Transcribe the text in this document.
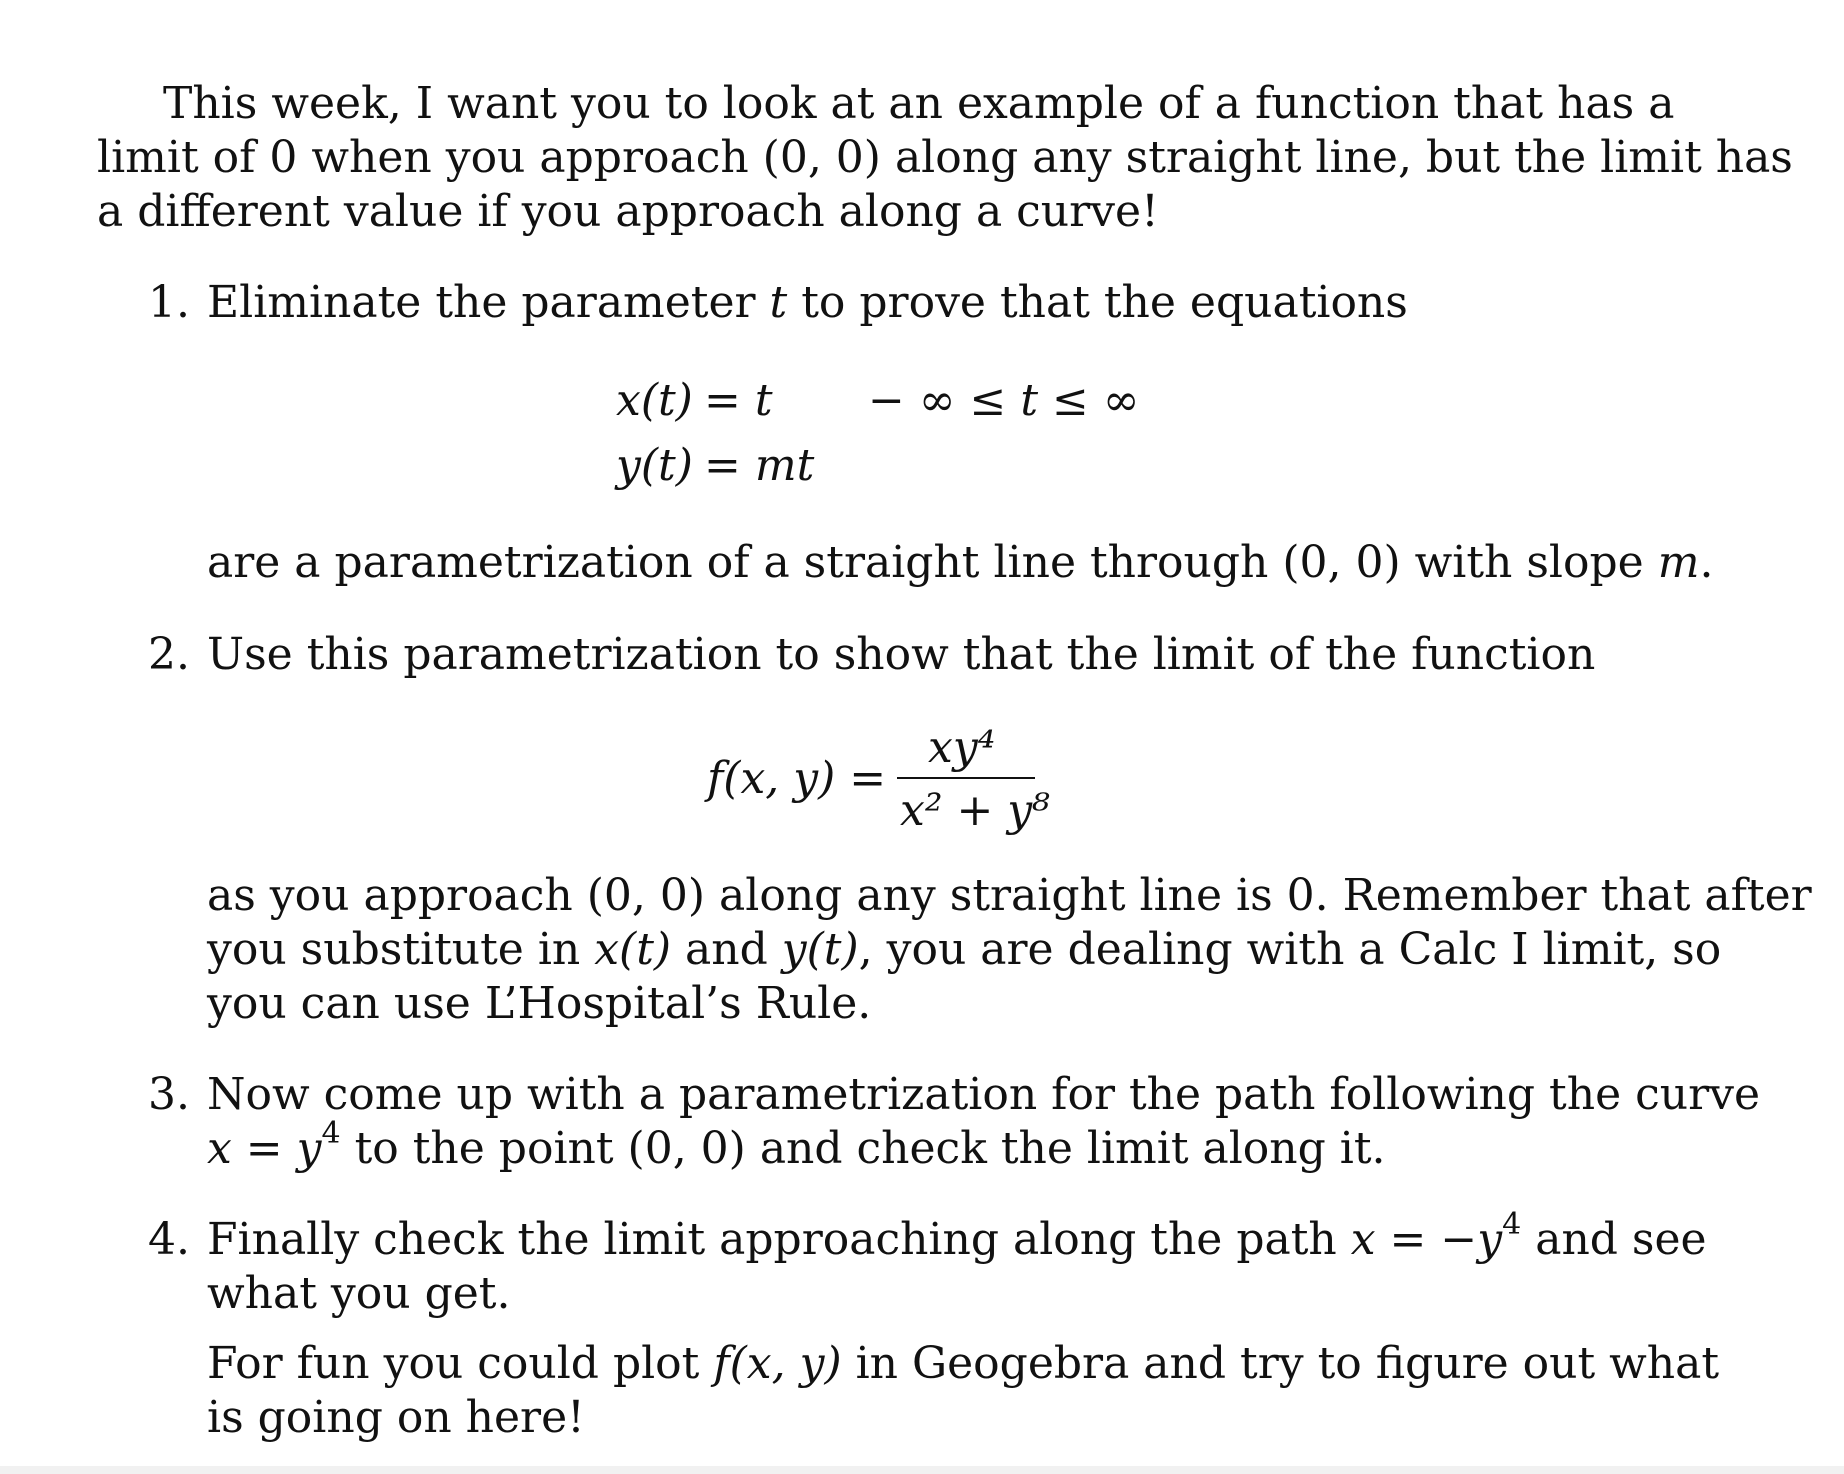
This week, I want you to look at an example of a function that has a
limit of 0 when you approach (0, 0) along any straight line, but the limit has
a different value if you approach along a curve!
1. Eliminate the parameter t to prove that the equations
x(t) = t − ∞ ≤ t ≤ ∞
y(t) = mt
are a parametrization of a straight line through (0, 0) with slope m.
2. Use this parametrization to show that the limit of the function
f(x, y) =
xy⁴
x² + y⁸
as you approach (0, 0) along any straight line is 0. Remember that after
you substitute in x(t) and y(t), you are dealing with a Calc I limit, so
you can use L’Hospital’s Rule.
3. Now come up with a parametrization for the path following the curve
$x = y^4$ to the point (0, 0) and check the limit along it.
4. Finally check the limit approaching along the path $x = -y^4$ and see
what you get.
For fun you could plot f(x, y) in Geogebra and try to figure out what
is going on here!
